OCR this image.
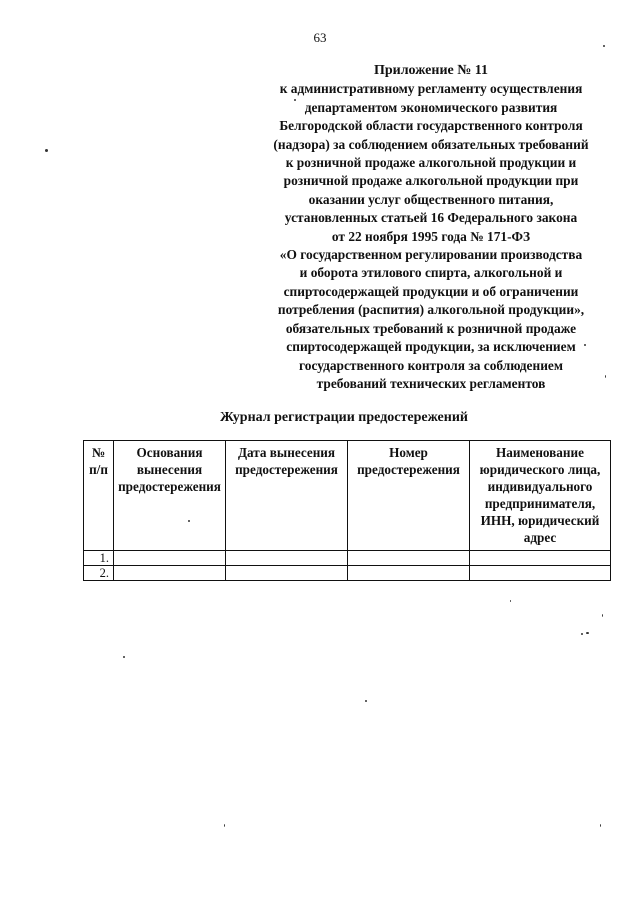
63
Приложение № 11
к административному регламенту осуществления
департаментом экономического развития
Белгородской области государственного контроля
(надзора) за соблюдением обязательных требований
к розничной продаже алкогольной продукции и
розничной продаже алкогольной продукции при
оказании услуг общественного питания,
установленных статьей 16 Федерального закона
от 22 ноября 1995 года № 171-ФЗ
«О государственном регулировании производства
и оборота этилового спирта, алкогольной и
спиртосодержащей продукции и об ограничении
потребления (распития) алкогольной продукции»,
обязательных требований к розничной продаже
спиртосодержащей продукции, за исключением
государственного контроля за соблюдением
требований технических регламентов
Журнал регистрации предостережений
№ п/п	Основания вынесения предостережения	Дата вынесения предостережения	Номер предостережения	Наименование юридического лица, индивидуального предпринимателя, ИНН, юридический адрес
1.				
2.				
